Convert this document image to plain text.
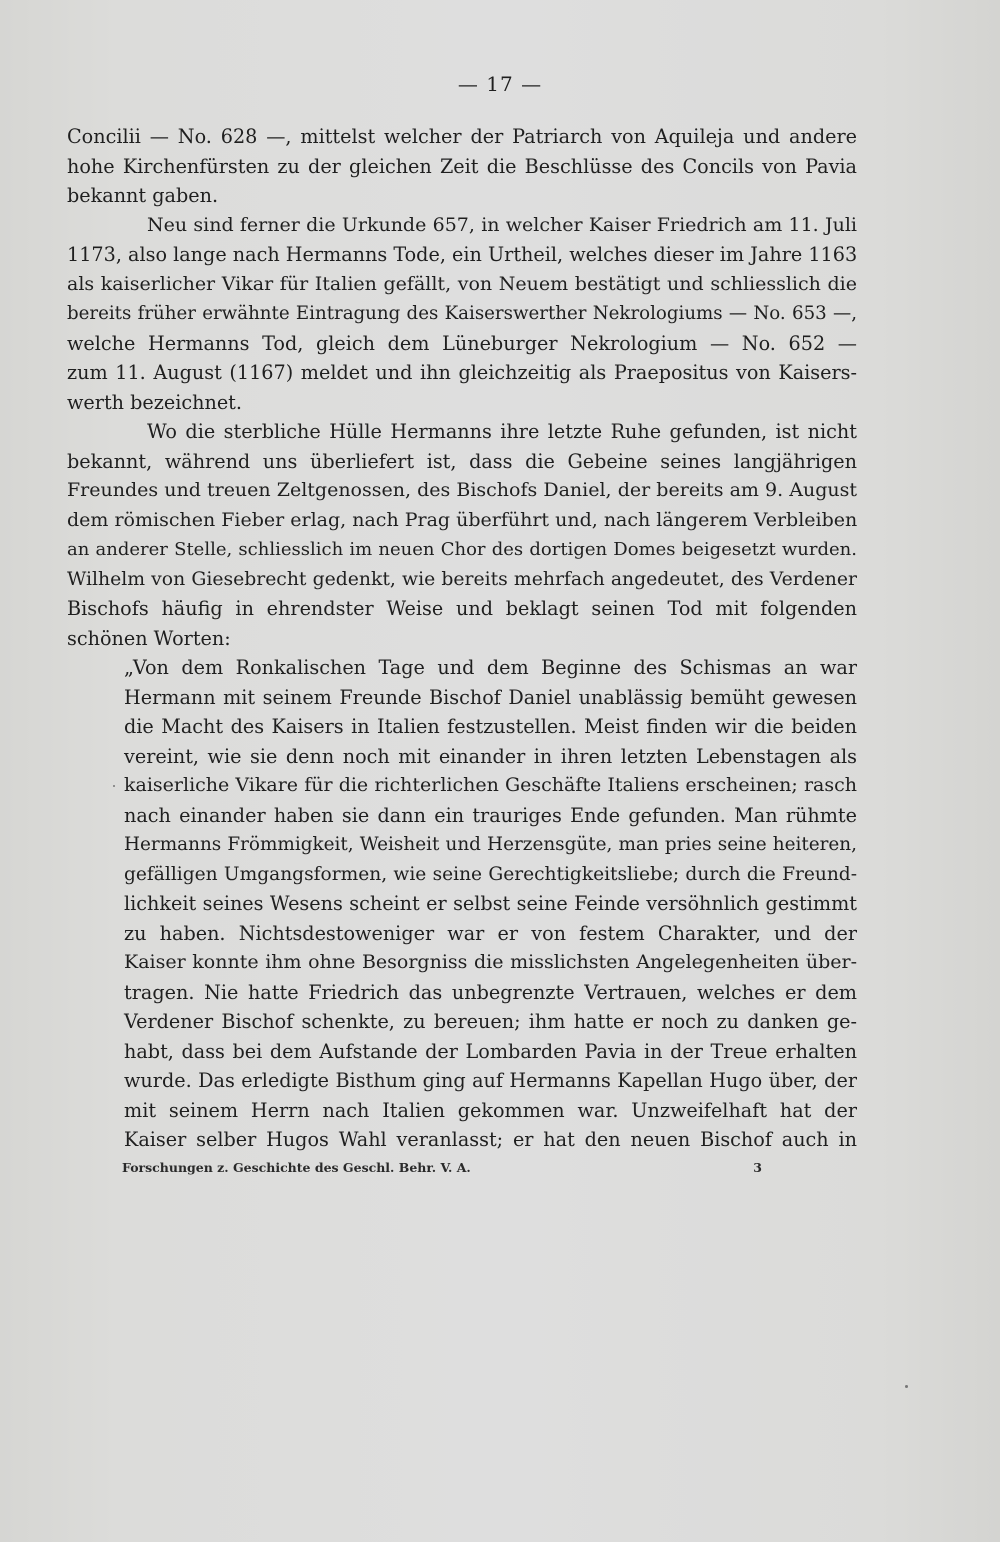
— 17 —
Concilii — No. 628 —, mittelst welcher der Patriarch von Aquileja und andere
hohe Kirchenfürsten zu der gleichen Zeit die Beschlüsse des Concils von Pavia
bekannt gaben.
Neu sind ferner die Urkunde 657, in welcher Kaiser Friedrich am 11. Juli
1173, also lange nach Hermanns Tode, ein Urtheil, welches dieser im Jahre 1163
als kaiserlicher Vikar für Italien gefällt, von Neuem bestätigt und schliesslich die
bereits früher erwähnte Eintragung des Kaiserswerther Nekrologiums — No. 653 —,
welche Hermanns Tod, gleich dem Lüneburger Nekrologium — No. 652 —
zum 11. August (1167) meldet und ihn gleichzeitig als Praepositus von Kaisers-
werth bezeichnet.
Wo die sterbliche Hülle Hermanns ihre letzte Ruhe gefunden, ist nicht
bekannt, während uns überliefert ist, dass die Gebeine seines langjährigen
Freundes und treuen Zeltgenossen, des Bischofs Daniel, der bereits am 9. August
dem römischen Fieber erlag, nach Prag überführt und, nach längerem Verbleiben
an anderer Stelle, schliesslich im neuen Chor des dortigen Domes beigesetzt wurden.
Wilhelm von Giesebrecht gedenkt, wie bereits mehrfach angedeutet, des Verdener
Bischofs häufig in ehrendster Weise und beklagt seinen Tod mit folgenden
schönen Worten:
„Von dem Ronkalischen Tage und dem Beginne des Schismas an war
Hermann mit seinem Freunde Bischof Daniel unablässig bemüht gewesen
die Macht des Kaisers in Italien festzustellen. Meist finden wir die beiden
vereint, wie sie denn noch mit einander in ihren letzten Lebenstagen als
kaiserliche Vikare für die richterlichen Geschäfte Italiens erscheinen; rasch
nach einander haben sie dann ein trauriges Ende gefunden. Man rühmte
Hermanns Frömmigkeit, Weisheit und Herzensgüte, man pries seine heiteren,
gefälligen Umgangsformen, wie seine Gerechtigkeitsliebe; durch die Freund-
lichkeit seines Wesens scheint er selbst seine Feinde versöhnlich gestimmt
zu haben. Nichtsdestoweniger war er von festem Charakter, und der
Kaiser konnte ihm ohne Besorgniss die misslichsten Angelegenheiten über-
tragen. Nie hatte Friedrich das unbegrenzte Vertrauen, welches er dem
Verdener Bischof schenkte, zu bereuen; ihm hatte er noch zu danken ge-
habt, dass bei dem Aufstande der Lombarden Pavia in der Treue erhalten
wurde. Das erledigte Bisthum ging auf Hermanns Kapellan Hugo über, der
mit seinem Herrn nach Italien gekommen war. Unzweifelhaft hat der
Kaiser selber Hugos Wahl veranlasst; er hat den neuen Bischof auch in
Forschungen z. Geschichte des Geschl. Behr. V. A.	3
